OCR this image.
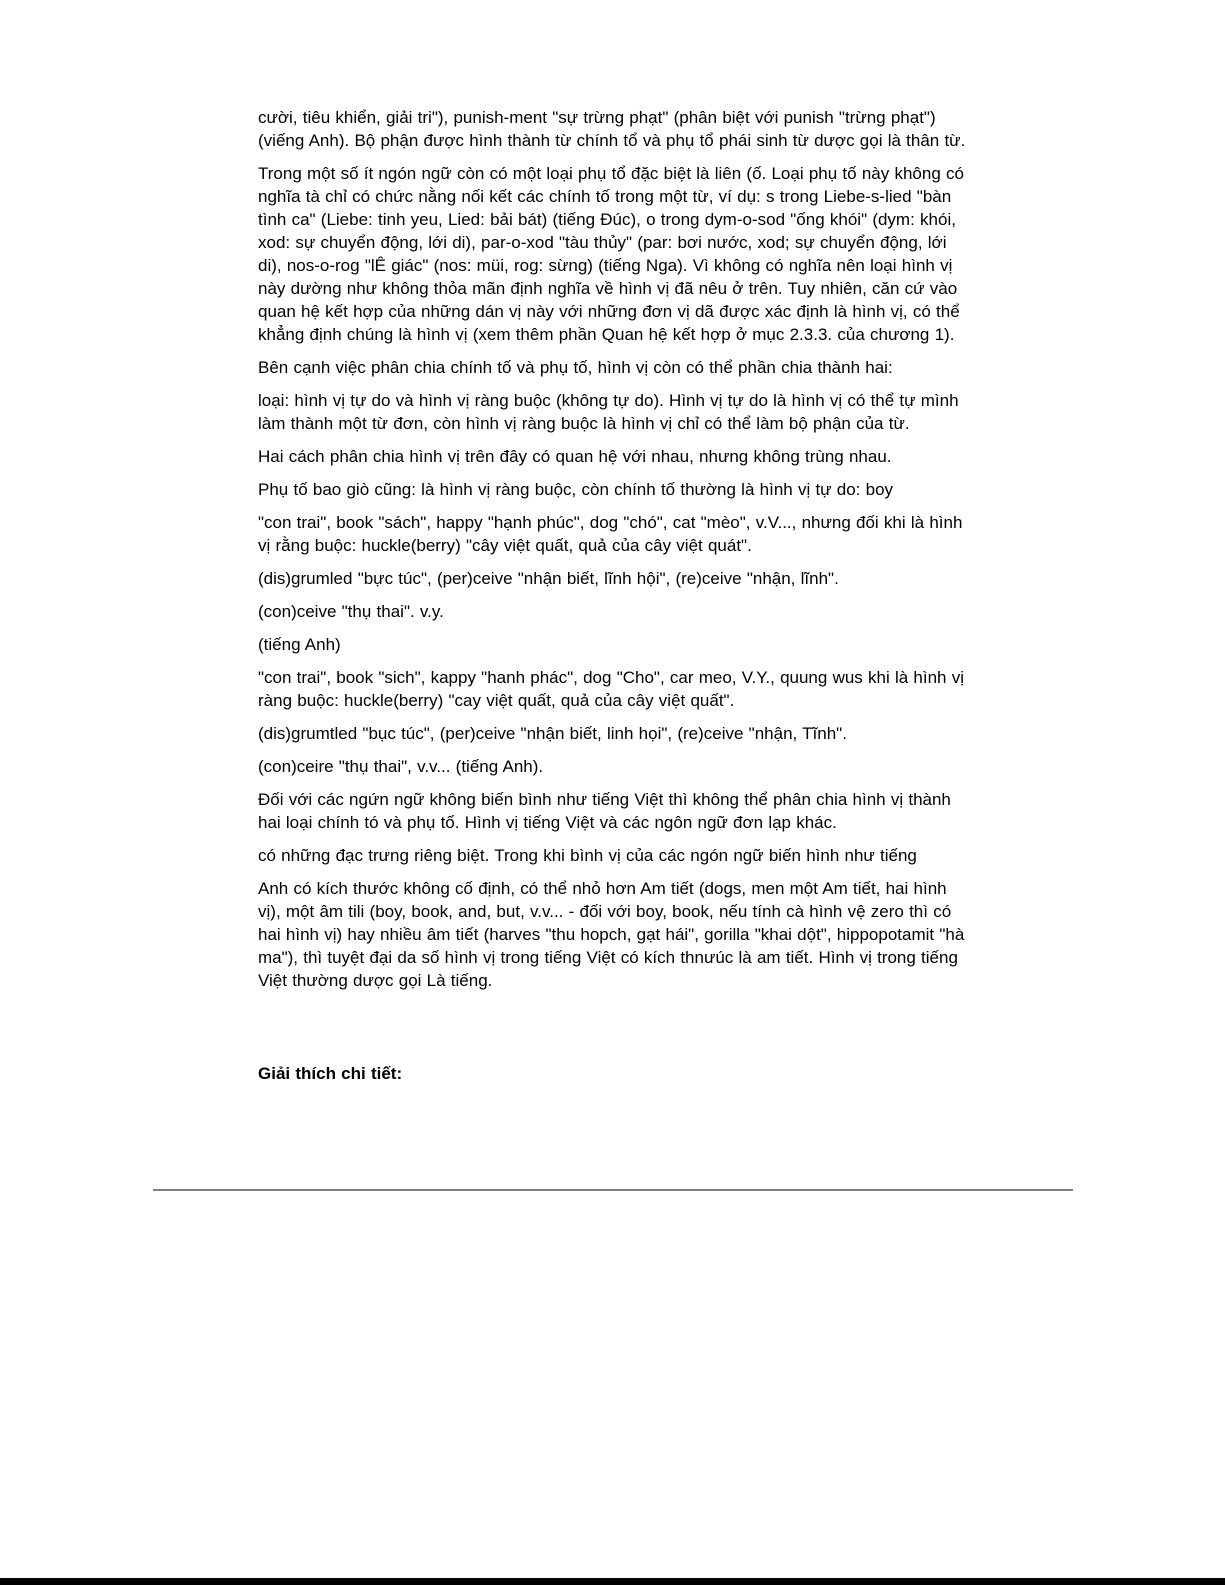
cười, tiêu khiển, giải tri"), punish-ment "sự trừng phạt" (phân biệt với punish "trừng phạt") (viếng Anh). Bộ phận được hình thành từ chính tổ và phụ tổ phái sinh từ dược gọi là thân từ.

Trong một số ít ngón ngữ còn có một loại phụ tổ đặc biệt là liên (ố. Loại phụ tố này không có nghĩa tà chỉ có chức nằng nối kết các chính tố trong một từ, ví dụ: s trong Liebe-s-lied "bàn tình ca" (Liebe: tinh yeu, Lied: bải bát) (tiếng Đúc), o trong dym-o-sod "ống khói" (dym: khói, xod: sự chuyển động, lới di), par-o-xod "tàu thủy" (par: bơi nước, xod; sự chuyển động, lới di), nos-o-rog "lÊ giác" (nos: müi, rog: sừng) (tiếng Nga). Vì không có nghĩa nên loại hình vị này dường như không thỏa mãn định nghĩa về hình vị đã nêu ở trên. Tuy nhiên, căn cứ vào quan hệ kết hợp của những dán vị này với những đơn vị dã được xác định là hình vị, có thể khẳng định chúng là hình vị (xem thêm phần Quan hệ kết hợp ở mục 2.3.3. của chương 1).

Bên cạnh việc phân chia chính tố và phụ tố, hình vị còn có thể phần chia thành hai:

loại: hình vị tự do và hình vị ràng buộc (không tự do). Hình vị tự do là hình vị có thể tự mình làm thành một từ đơn, còn hình vị ràng buộc là hình vị chỉ có thể làm bộ phận của từ.

Hai cách phân chia hình vị trên đây có quan hệ với nhau, nhưng không trùng nhau.

Phụ tố bao giò cũng: là hình vị ràng buộc, còn chính tố thường là hình vị tự do: boy

"con trai", book "sách", happy "hạnh phúc", dog "chó", cat "mèo", v.V..., nhưng đối khi là hình vị rằng buộc: huckle(berry) "cây việt quất, quả của cây việt quát".

(dis)grumled "bực túc", (per)ceive "nhận biết, lĩnh hội", (re)ceive "nhận, lĩnh".

(con)ceive "thụ thai". v.y.

(tiếng Anh)

"con trai", book "sich", kappy "hanh phác", dog "Cho", car meo, V.Y., quung wus khi là hình vị ràng buộc: huckle(berry) "cay việt quất, quả của cây việt quất".

(dis)grumtled "bục túc", (per)ceive "nhận biết, linh họi", (re)ceive "nhận, Tĩnh".

(con)ceire "thụ thai", v.v... (tiếng Anh).

Đối với các ngứn ngữ không biến bình như tiếng Việt thì không thể phân chia hình vị thành hai loại chính tó và phụ tố. Hình vị tiếng Việt và các ngôn ngữ đơn lạp khác.

có những đạc trưng riêng biệt. Trong khi bình vị của các ngón ngữ biến hình như tiếng

Anh có kích thước không cố định, có thể nhỏ hơn Am tiết (dogs, men một Am tiết, hai hình vị), một âm tili (boy, book, and, but, v.v... - đối với boy, book, nếu tính cà hình vệ zero thì có hai hình vị) hay nhiều âm tiết (harves "thu hopch, gạt hái", gorilla "khai dột", hippopotamit "hà ma"), thì tuyệt đại da số hình vị trong tiếng Việt có kích thnưúc là am tiết. Hình vị trong tiếng Việt thường dược gọi Là tiếng.

Giải thích chi tiết:
